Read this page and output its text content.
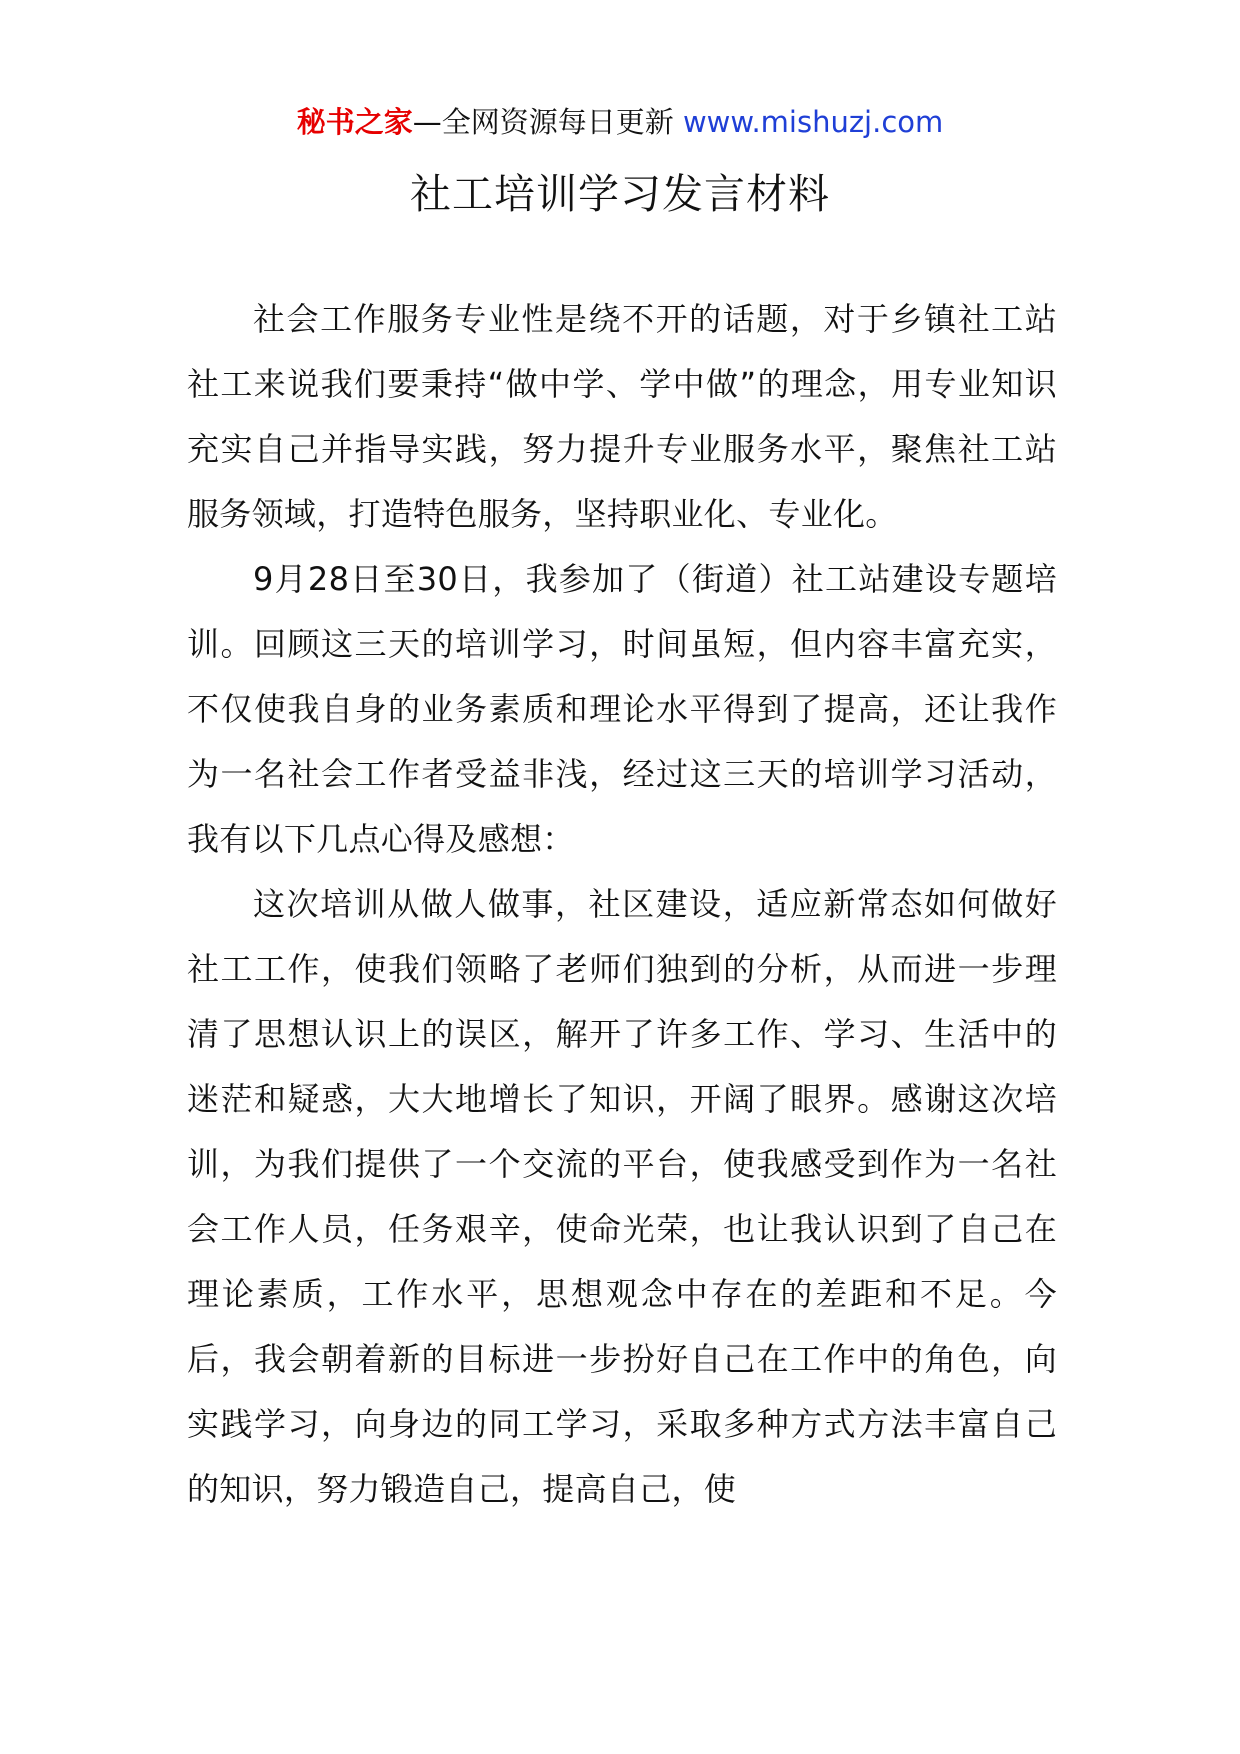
秘书之家—全网资源每日更新 www.mishuzj.com
社工培训学习发言材料

社会工作服务专业性是绕不开的话题，对于乡镇社工站社工来说我们要秉持“做中学、学中做”的理念，用专业知识充实自己并指导实践，努力提升专业服务水平，聚焦社工站服务领域，打造特色服务，坚持职业化、专业化。

9月28日至30日，我参加了（街道）社工站建设专题培训。回顾这三天的培训学习，时间虽短，但内容丰富充实，不仅使我自身的业务素质和理论水平得到了提高，还让我作为一名社会工作者受益非浅，经过这三天的培训学习活动，我有以下几点心得及感想：

这次培训从做人做事，社区建设，适应新常态如何做好社工工作，使我们领略了老师们独到的分析，从而进一步理清了思想认识上的误区，解开了许多工作、学习、生活中的迷茫和疑惑，大大地增长了知识，开阔了眼界。感谢这次培训，为我们提供了一个交流的平台，使我感受到作为一名社会工作人员，任务艰辛，使命光荣，也让我认识到了自己在理论素质，工作水平，思想观念中存在的差距和不足。今后，我会朝着新的目标进一步扮好自己在工作中的角色，向实践学习，向身边的同工学习，采取多种方式方法丰富自己的知识，努力锻造自己，提高自己，使
